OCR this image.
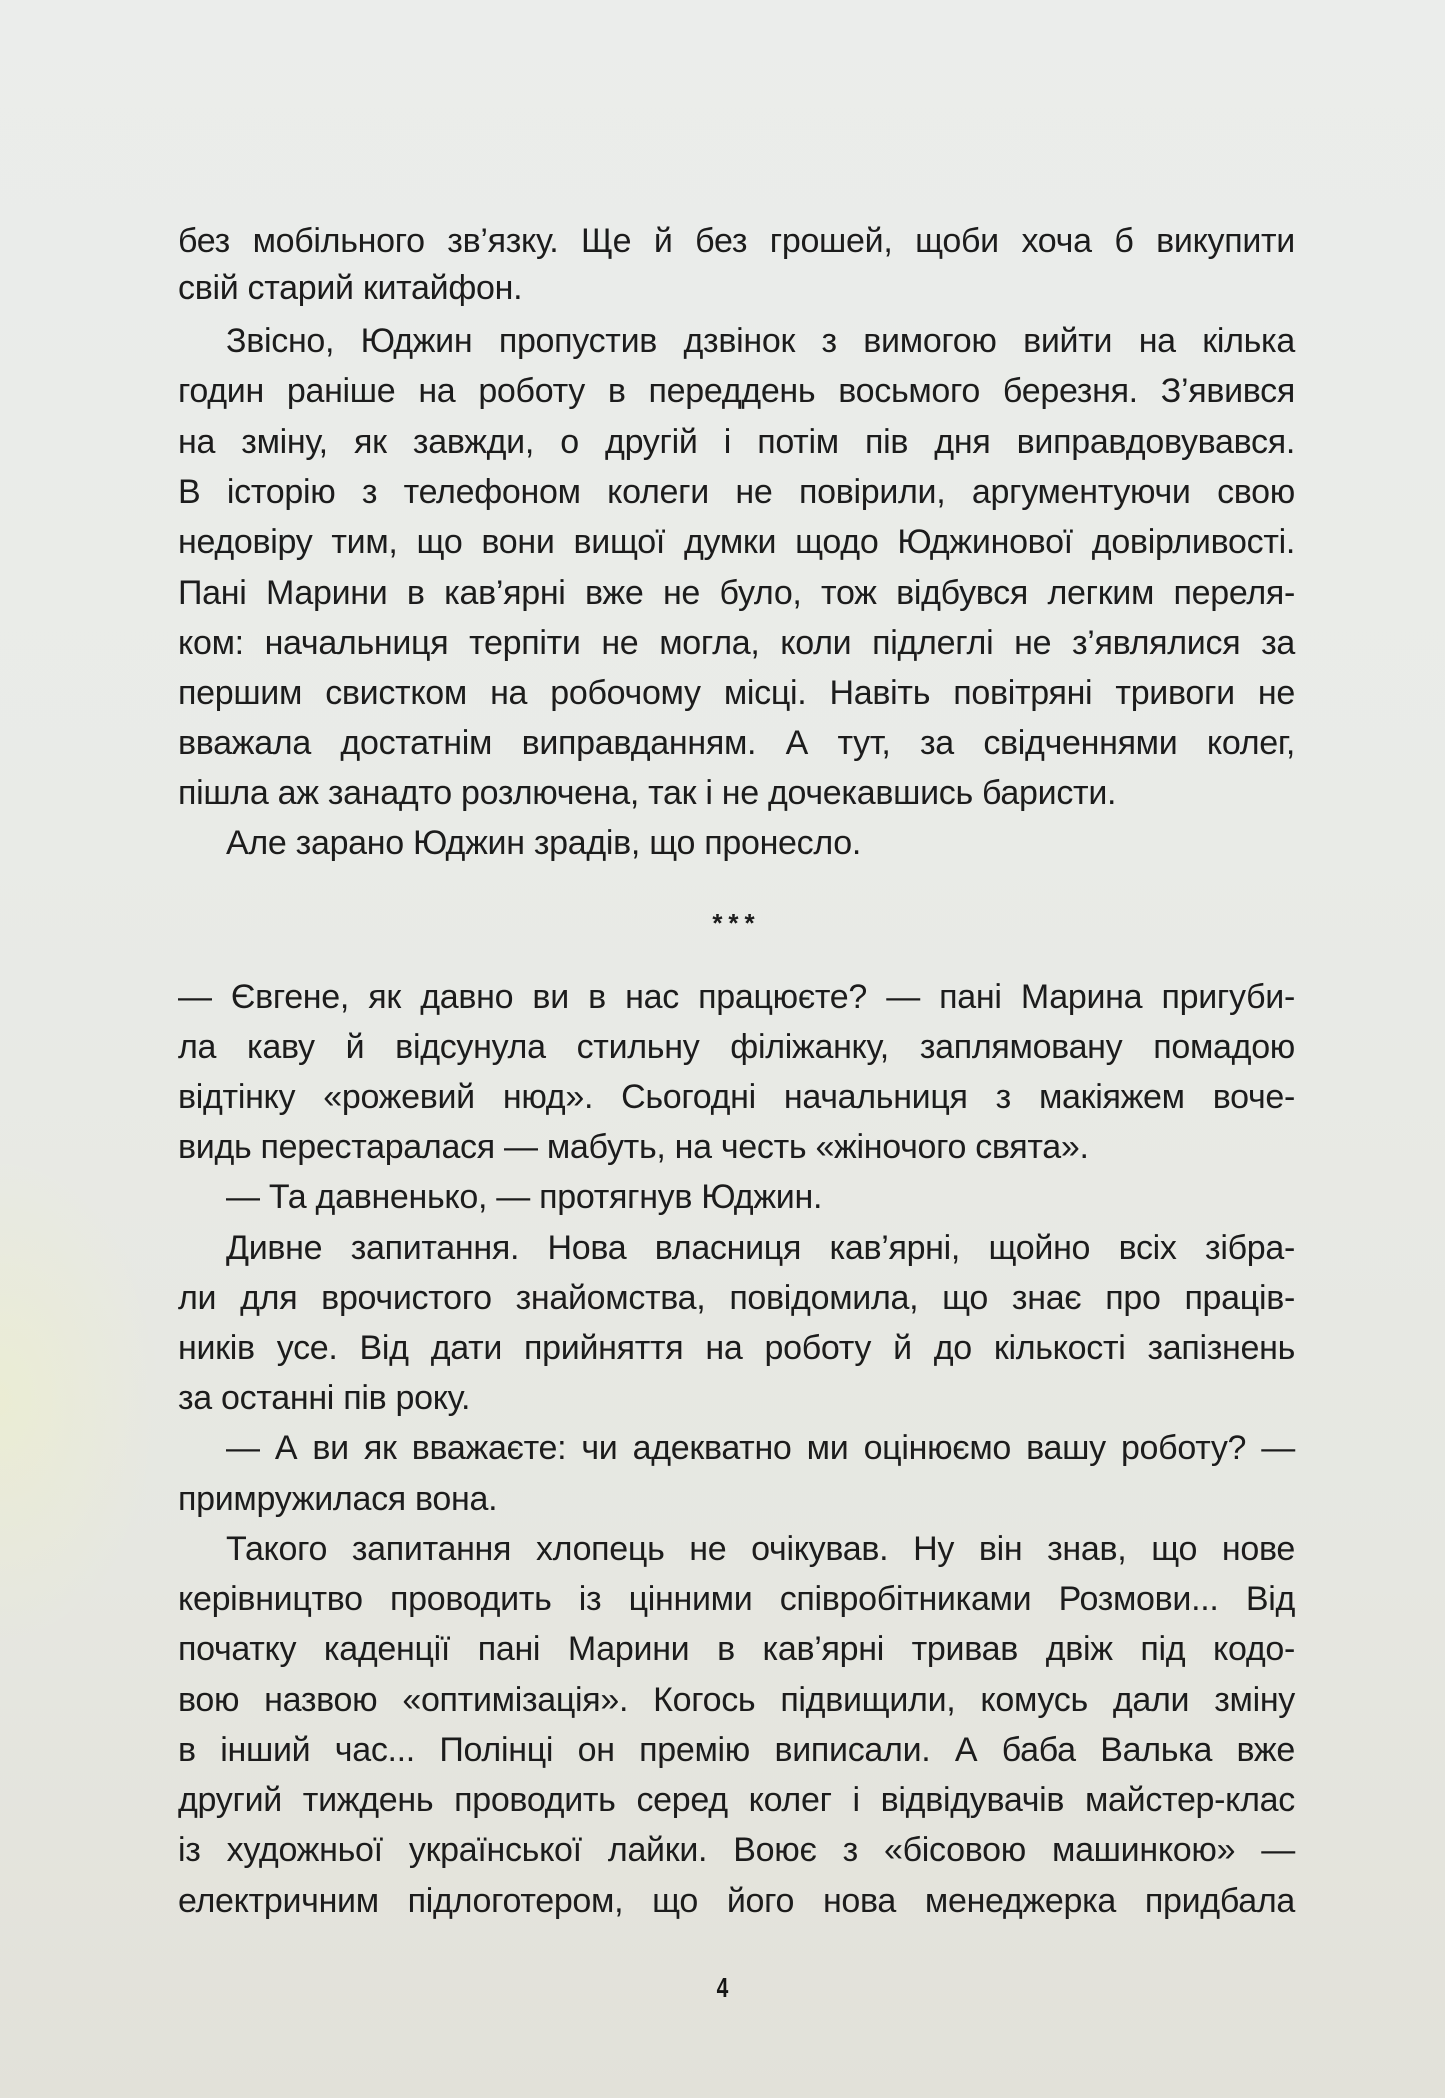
без мобільного зв’язку. Ще й без грошей, щоби хоча б викупити
свій старий китайфон.
Звісно, Юджин пропустив дзвінок з вимогою вийти на кілька
годин раніше на роботу в переддень восьмого березня. З’явився
на зміну, як завжди, о другій і потім пів дня виправдовувався.
В історію з телефоном колеги не повірили, аргументуючи свою
недовіру тим, що вони вищої думки щодо Юджинової довірливості.
Пані Марини в кав’ярні вже не було, тож відбувся легким переля-
ком: начальниця терпіти не могла, коли підлеглі не з’являлися за
першим свистком на робочому місці. Навіть повітряні тривоги не
вважала достатнім виправданням. А тут, за свідченнями колег,
пішла аж занадто розлючена, так і не дочекавшись баристи.
Але зарано Юджин зрадів, що пронесло.
***
— Євгене, як давно ви в нас працюєте? — пані Марина пригуби-
ла каву й відсунула стильну філіжанку, заплямовану помадою
відтінку «рожевий нюд». Сьогодні начальниця з макіяжем воче-
видь перестаралася — мабуть, на честь «жіночого свята».
— Та давненько, — протягнув Юджин.
Дивне запитання. Нова власниця кав’ярні, щойно всіх зібра-
ли для врочистого знайомства, повідомила, що знає про праців-
ників усе. Від дати прийняття на роботу й до кількості запізнень
за останні пів року.
— А ви як вважаєте: чи адекватно ми оцінюємо вашу роботу? —
примружилася вона.
Такого запитання хлопець не очікував. Ну він знав, що нове
керівництво проводить із цінними співробітниками Розмови... Від
початку каденції пані Марини в кав’ярні тривав двіж під кодо-
вою назвою «оптимізація». Когось підвищили, комусь дали зміну
в інший час... Полінці он премію виписали. А баба Валька вже
другий тиждень проводить серед колег і відвідувачів майстер-клас
із художньої української лайки. Воює з «бісовою машинкою» —
електричним підлоготером, що його нова менеджерка придбала
4
